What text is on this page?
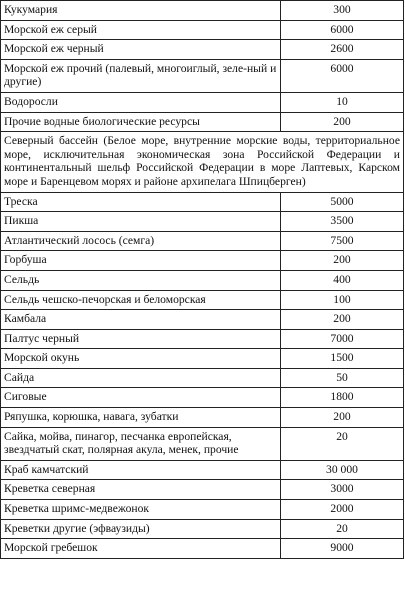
Кукумария	300
Морской еж серый	6000
Морской еж черный	2600
Морской еж прочий (палевый, многоиглый, зеле-ный и другие)	6000
Водоросли	10
Прочие водные биологические ресурсы	200
Северный бассейн (Белое море, внутренние морские воды, территориальное море, исключительная экономическая зона Российской Федерации и континентальный шельф Российской Федерации в море Лаптевых, Карском море и Баренцевом морях и районе архипелага Шпицберген)	
Треска	5000
Пикша	3500
Атлантический лосось (семга)	7500
Горбуша	200
Сельдь	400
Сельдь чешско-печорская и беломорская	100
Камбала	200
Палтус черный	7000
Морской окунь	1500
Сайда	50
Сиговые	1800
Ряпушка, корюшка, навага, зубатки	200
Сайка, мойва, пинагор, песчанка европейская, звездчатый скат, полярная акула, менек, прочие	20
Краб камчатский	30 000
Креветка северная	3000
Креветка шримс-медвежонок	2000
Креветки другие (эфваузиды)	20
Морской гребешок	9000
